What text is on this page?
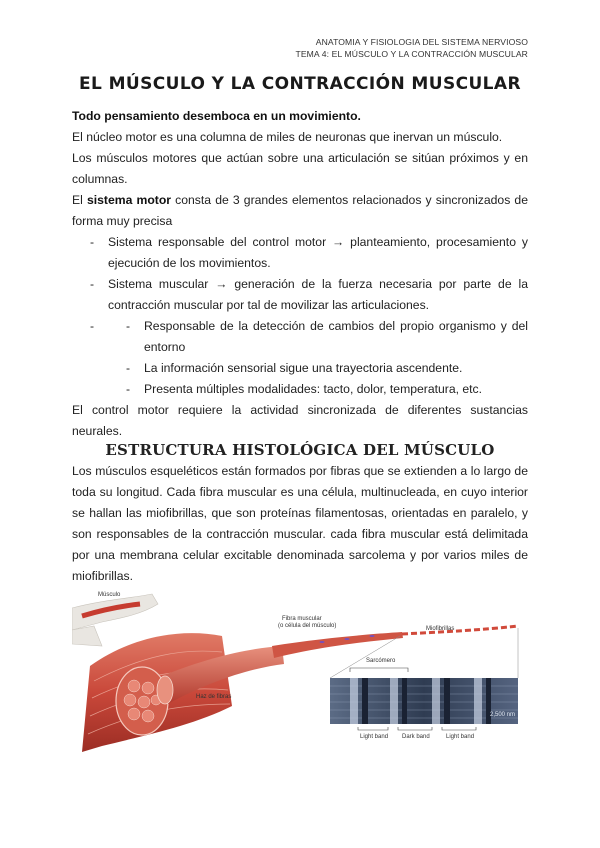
ANATOMIA Y FISIOLOGIA DEL SISTEMA NERVIOSO
TEMA 4: EL MÚSCULO Y LA CONTRACCIÓN MUSCULAR
EL MÚSCULO Y LA CONTRACCIÓN MUSCULAR

Todo pensamiento desemboca en un movimiento.

El núcleo motor es una columna de miles de neuronas que inervan un músculo.

Los músculos motores que actúan sobre una articulación se sitúan próximos y en columnas.

El sistema motor consta de 3 grandes elementos relacionados y sincronizados de forma muy precisa

- Sistema responsable del control motor → planteamiento, procesamiento y ejecución de los movimientos.
- Sistema muscular → generación de la fuerza necesaria por parte de la contracción muscular por tal de movilizar las articulaciones.
- - Responsable de la detección de cambios del propio organismo y del entorno
- La información sensorial sigue una trayectoria ascendente.
- Presenta múltiples modalidades: tacto, dolor, temperatura, etc.

El control motor requiere la actividad sincronizada de diferentes sustancias neurales.

ESTRUCTURA HISTOLÓGICA DEL MÚSCULO

Los músculos esqueléticos están formados por fibras que se extienden a lo largo de toda su longitud. Cada fibra muscular es una célula, multinucleada, en cuyo interior se hallan las miofibrillas, que son proteínas filamentosas, orientadas en paralelo, y son responsables de la contracción muscular. cada fibra muscular está delimitada por una membrana celular excitable denominada sarcolema y por varios miles de miofibrillas.

Músculo
Fibra muscular
(o célula del músculo)	Miofibrillas
Sarcómero
Haz de fibras
2,500 nm
Light band Dark band	Light band
